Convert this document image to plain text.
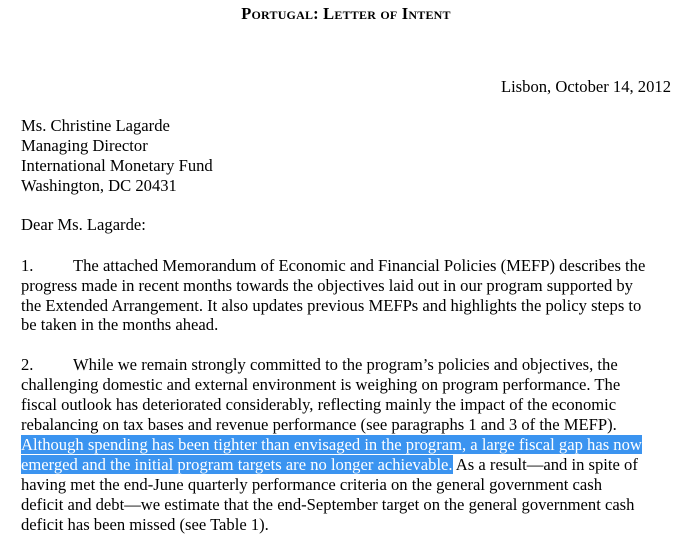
Portugal: Letter of Intent
Lisbon, October 14, 2012
Ms. Christine Lagarde
Managing Director
International Monetary Fund
Washington, DC 20431
Dear Ms. Lagarde:
1. The attached Memorandum of Economic and Financial Policies (MEFP) describes the
progress made in recent months towards the objectives laid out in our program supported by
the Extended Arrangement. It also updates previous MEFPs and highlights the policy steps to
be taken in the months ahead.
2. While we remain strongly committed to the program’s policies and objectives, the
challenging domestic and external environment is weighing on program performance. The
fiscal outlook has deteriorated considerably, reflecting mainly the impact of the economic
rebalancing on tax bases and revenue performance (see paragraphs 1 and 3 of the MEFP).
Although spending has been tighter than envisaged in the program, a large fiscal gap has now
emerged and the initial program targets are no longer achievable. As a result—and in spite of
having met the end-June quarterly performance criteria on the general government cash
deficit and debt—we estimate that the end-September target on the general government cash
deficit has been missed (see Table 1).
